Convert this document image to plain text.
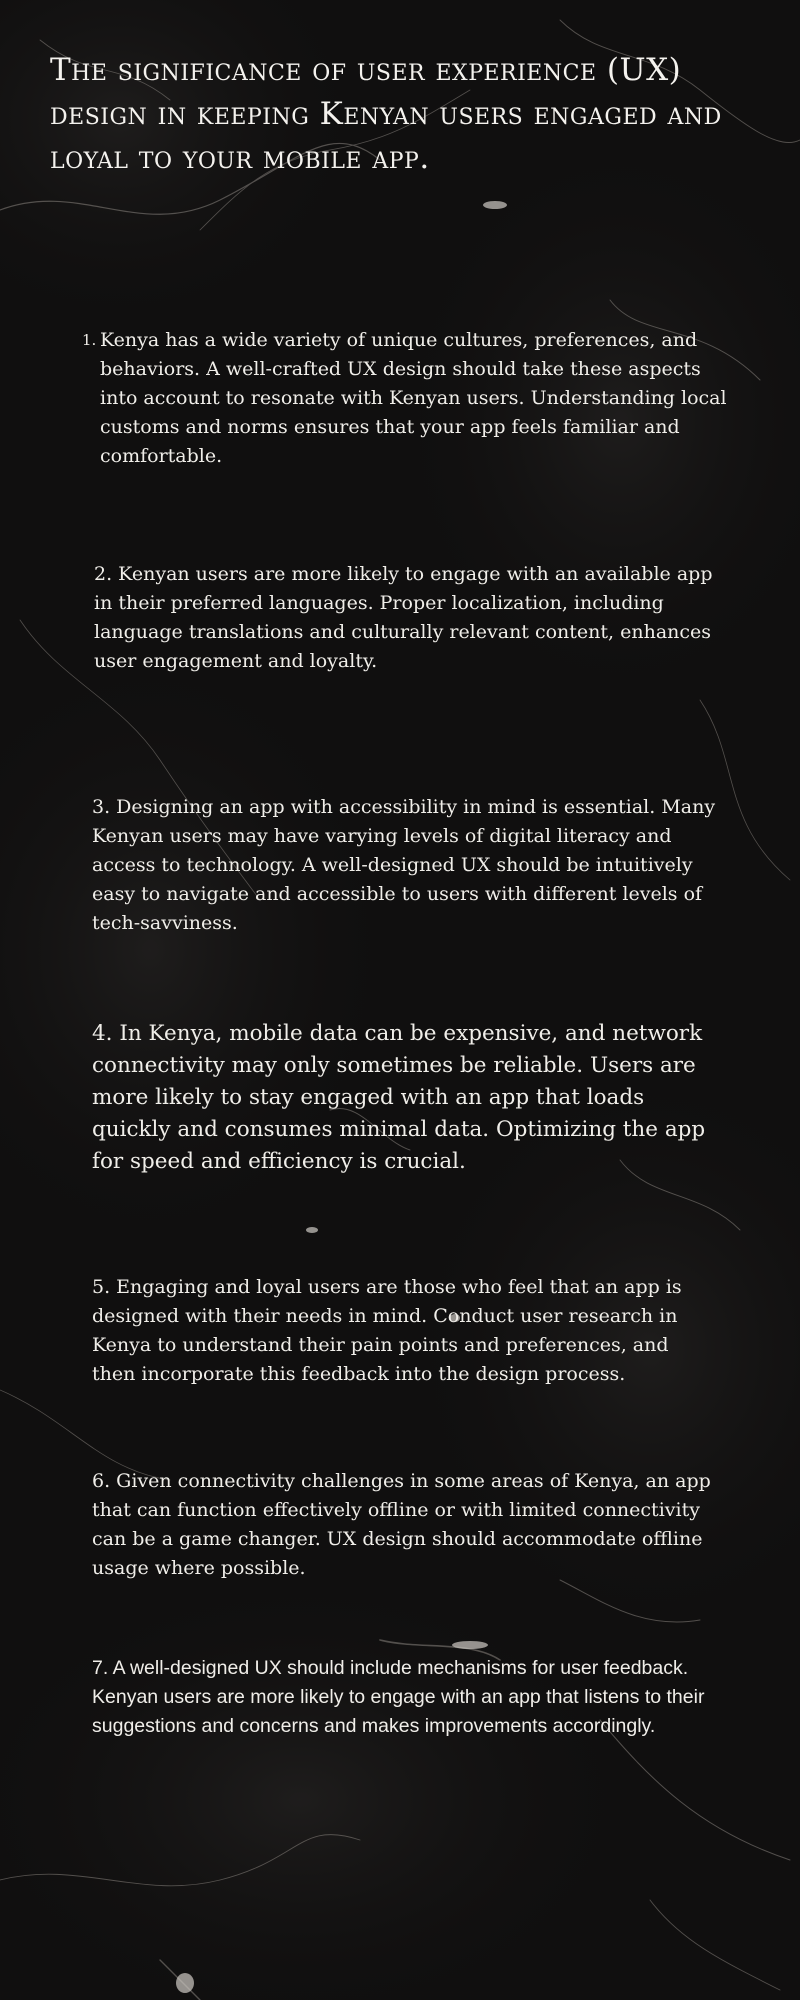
The significance of user experience (UX) design in keeping Kenyan users engaged and loyal to your mobile app.
1. Kenya has a wide variety of unique cultures, preferences, and behaviors. A well-crafted UX design should take these aspects into account to resonate with Kenyan users. Understanding local customs and norms ensures that your app feels familiar and comfortable.

2. Kenyan users are more likely to engage with an available app in their preferred languages. Proper localization, including language translations and culturally relevant content, enhances user engagement and loyalty.

3. Designing an app with accessibility in mind is essential. Many Kenyan users may have varying levels of digital literacy and access to technology. A well-designed UX should be intuitively easy to navigate and accessible to users with different levels of tech-savviness.

4. In Kenya, mobile data can be expensive, and network connectivity may only sometimes be reliable. Users are more likely to stay engaged with an app that loads quickly and consumes minimal data. Optimizing the app for speed and efficiency is crucial.

5. Engaging and loyal users are those who feel that an app is designed with their needs in mind. Conduct user research in Kenya to understand their pain points and preferences, and then incorporate this feedback into the design process.

6. Given connectivity challenges in some areas of Kenya, an app that can function effectively offline or with limited connectivity can be a game changer. UX design should accommodate offline usage where possible.

7. A well-designed UX should include mechanisms for user feedback. Kenyan users are more likely to engage with an app that listens to their suggestions and concerns and makes improvements accordingly.
